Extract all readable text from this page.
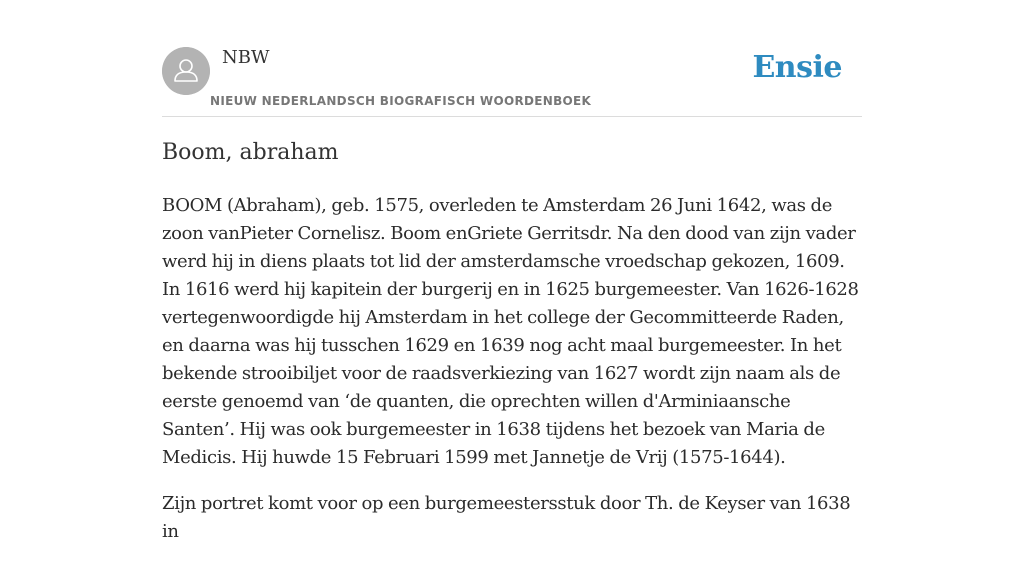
NBW
NIEUW NEDERLANDSCH BIOGRAFISCH WOORDENBOEK
Ensie
Boom, abraham

BOOM (Abraham), geb. 1575, overleden te Amsterdam 26 Juni 1642, was de zoon vanPieter Cornelisz. Boom enGriete Gerritsdr. Na den dood van zijn vader werd hij in diens plaats tot lid der amsterdamsche vroedschap gekozen, 1609. In 1616 werd hij kapitein der burgerij en in 1625 burgemeester. Van 1626-1628 vertegenwoordigde hij Amsterdam in het college der Gecommitteerde Raden, en daarna was hij tusschen 1629 en 1639 nog acht maal burgemeester. In het bekende strooibiljet voor de raadsverkiezing van 1627 wordt zijn naam als de eerste genoemd van ‘de quanten, die oprechten willen d'Arminiaansche Santen’. Hij was ook burgemeester in 1638 tijdens het bezoek van Maria de Medicis. Hij huwde 15 Februari 1599 met Jannetje de Vrij (1575-1644).

Zijn portret komt voor op een burgemeestersstuk door Th. de Keyser van 1638 in
